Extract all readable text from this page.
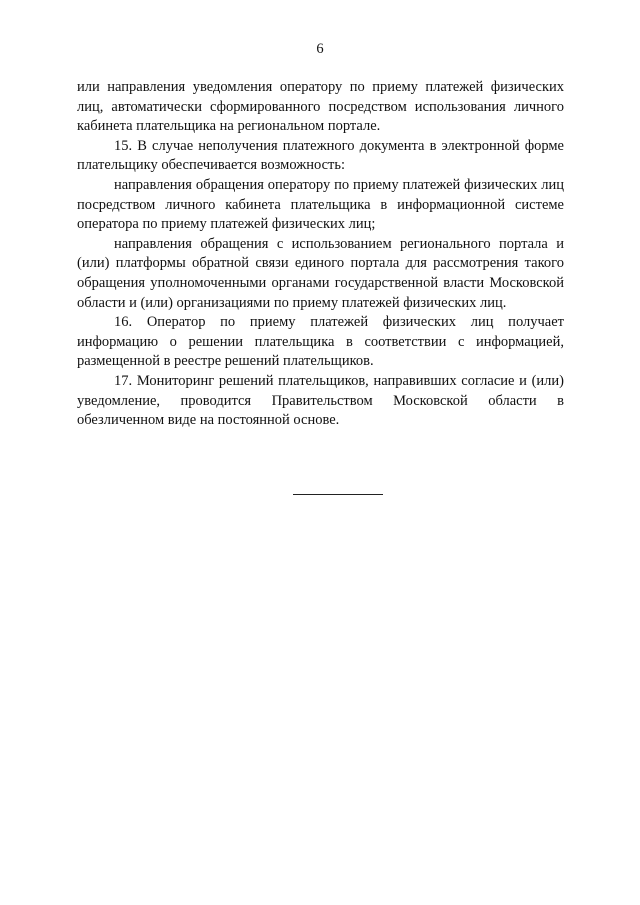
6

или направления уведомления оператору по приему платежей физических лиц, автоматически сформированного посредством использования личного кабинета плательщика на региональном портале.

15. В случае неполучения платежного документа в электронной форме плательщику обеспечивается возможность:

направления обращения оператору по приему платежей физических лиц посредством личного кабинета плательщика в информационной системе оператора по приему платежей физических лиц;

направления обращения с использованием регионального портала и (или) платформы обратной связи единого портала для рассмотрения такого обращения уполномоченными органами государственной власти Московской области и (или) организациями по приему платежей физических лиц.

16. Оператор по приему платежей физических лиц получает информацию о решении плательщика в соответствии с информацией, размещенной в реестре решений плательщиков.

17. Мониторинг решений плательщиков, направивших согласие и (или) уведомление, проводится Правительством Московской области в обезличенном виде на постоянной основе.
